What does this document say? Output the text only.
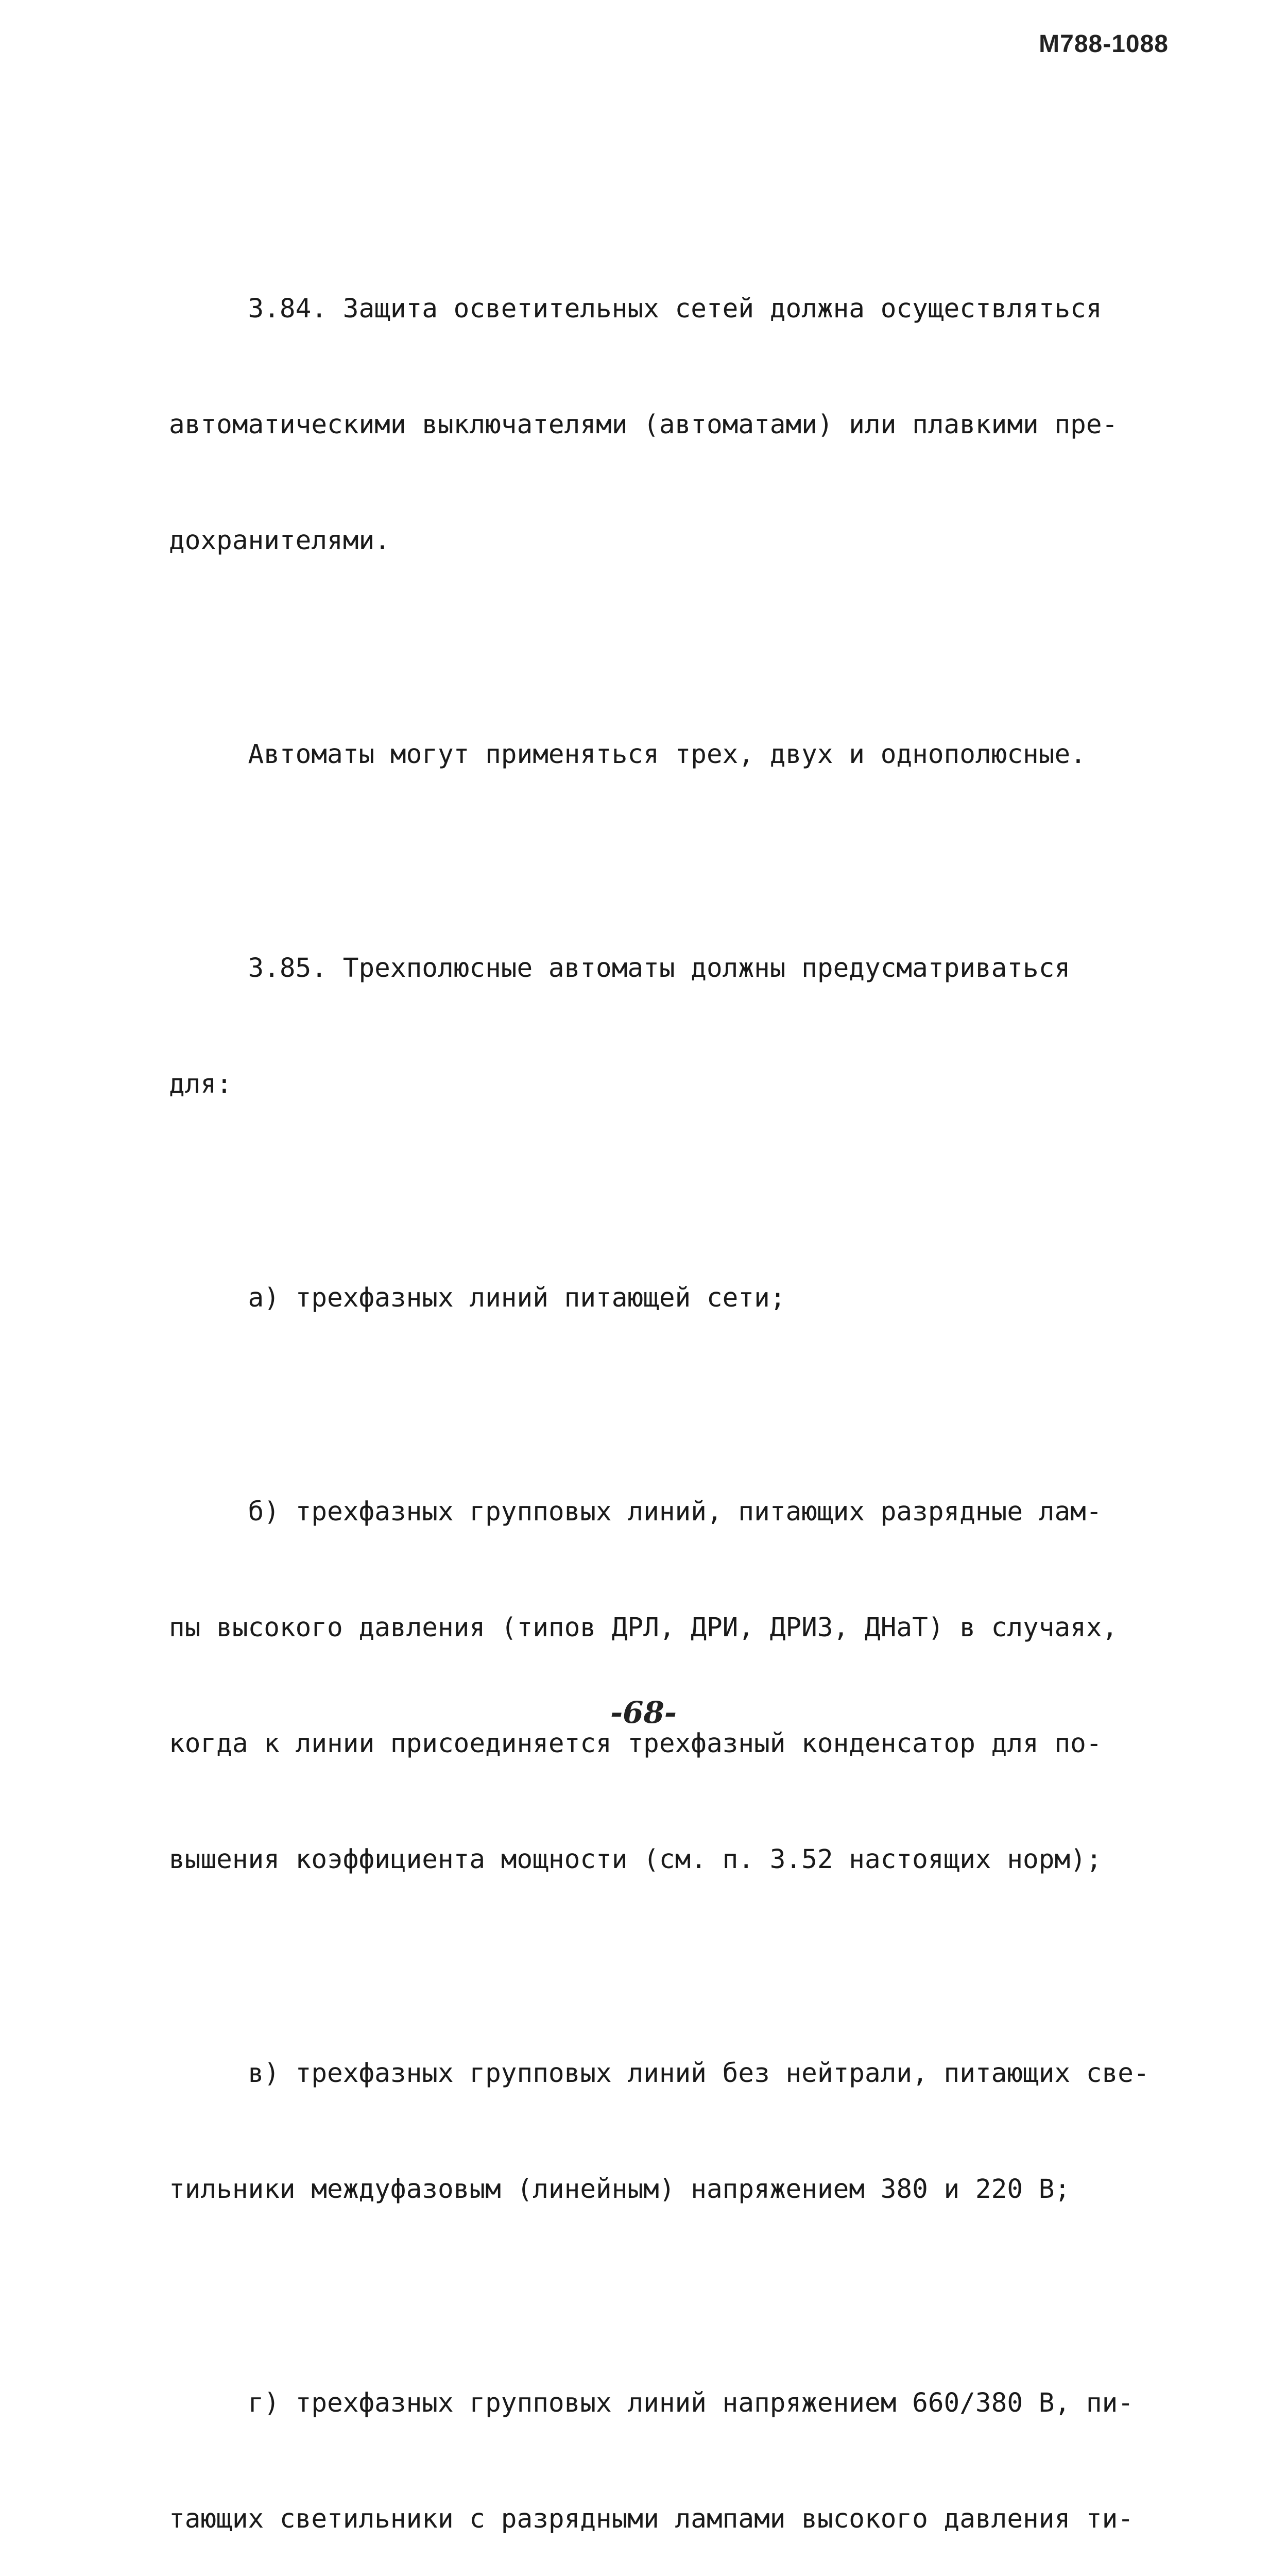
М788-1088

3.84. Защита осветительных сетей должна осуществляться

автоматическими выключателями (автоматами) или плавкими пре-

дохранителями.

Автоматы могут применяться трех, двух и однополюсные.

3.85. Трехполюсные автоматы должны предусматриваться

для:

а) трехфазных линий питающей сети;

б) трехфазных групповых линий, питающих разрядные лам-

пы высокого давления (типов ДРЛ, ДРИ, ДРИЗ, ДНаТ) в случаях,

когда к линии присоединяется трехфазный конденсатор для по-

вышения коэффициента мощности (см. п. 3.52 настоящих норм);

в) трехфазных групповых линий без нейтрали, питающих све-

тильники междуфазовым (линейным) напряжением 380 и 220 В;

г) трехфазных групповых линий напряжением 660/380 В, пи-

тающих светильники с разрядными лампами высокого давления ти-

-68-
